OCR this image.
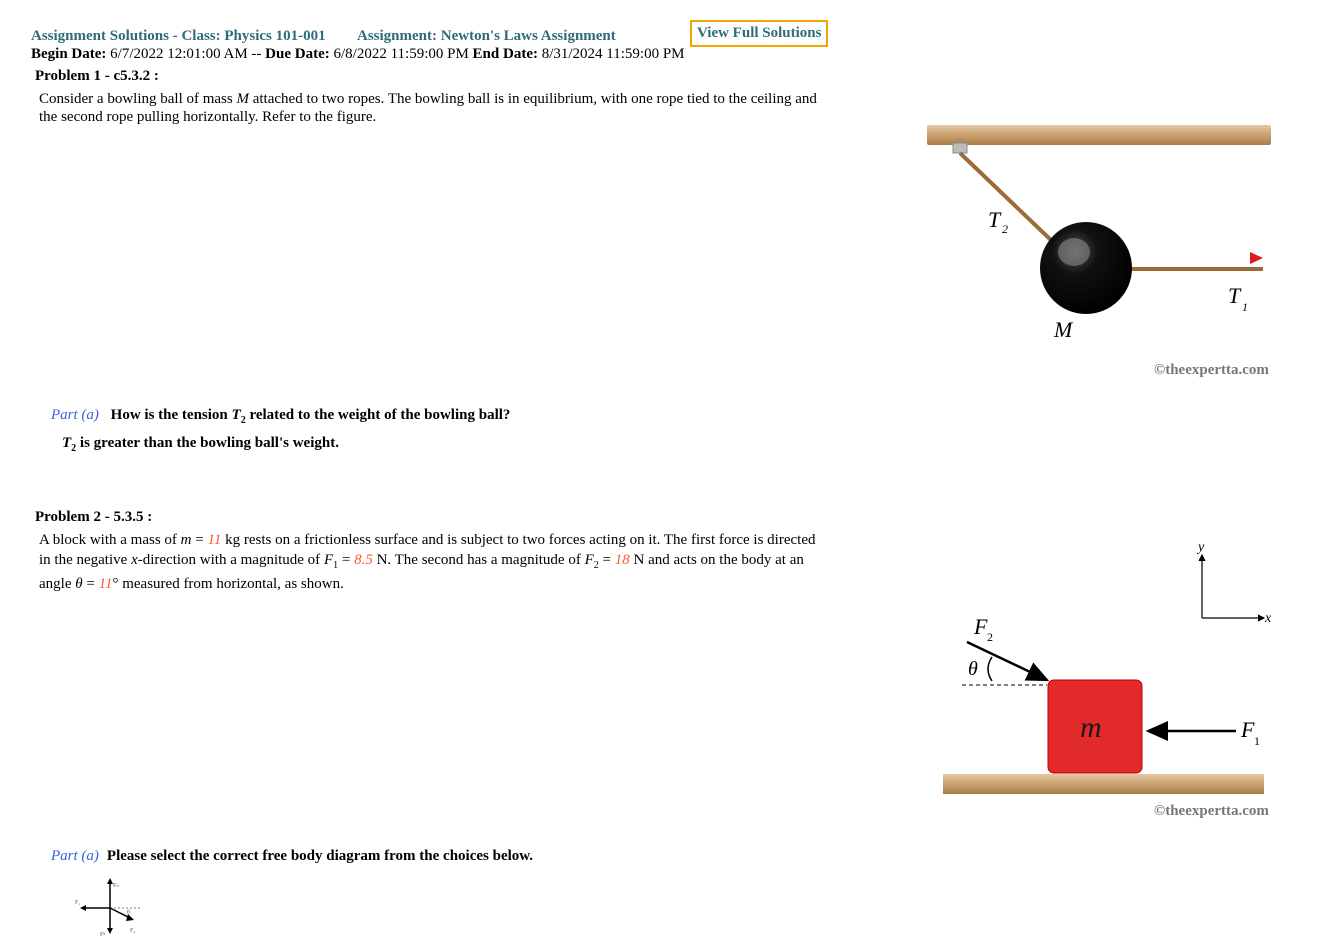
Assignment Solutions - Class: Physics 101-001 Assignment: Newton's Laws Assignment	View Full Solutions
Begin Date: 6/7/2022 12:01:00 AM -- Due Date: 6/8/2022 11:59:00 PM End Date: 8/31/2024 11:59:00 PM
Problem 1 - c5.3.2 :
Consider a bowling ball of mass M attached to two ropes. The bowling ball is in equilibrium, with one rope tied to the ceiling and
the second rope pulling horizontally. Refer to the figure.
T 2
T 1
M
©theexpertta.com
Part (a) How is the tension $T_2$ related to the weight of the bowling ball?
$T_2$ is greater than the bowling ball's weight.
Problem 2 - 5.3.5 :
A block with a mass of m = 11 kg rests on a frictionless surface and is subject to two forces acting on it. The first force is directed
in the negative x-direction with a magnitude of $F_1 = 8.5$ N. The second has a magnitude of $F_2 = 18$ N and acts on the body at an
angle θ = 11° measured from horizontal, as shown.
y
x
F 2
θ
m	F 1
©theexpertta.com
Part (a) Please select the correct free body diagram from the choices below.
Fₙ
F₁
Fᵍ
F₂
θ
